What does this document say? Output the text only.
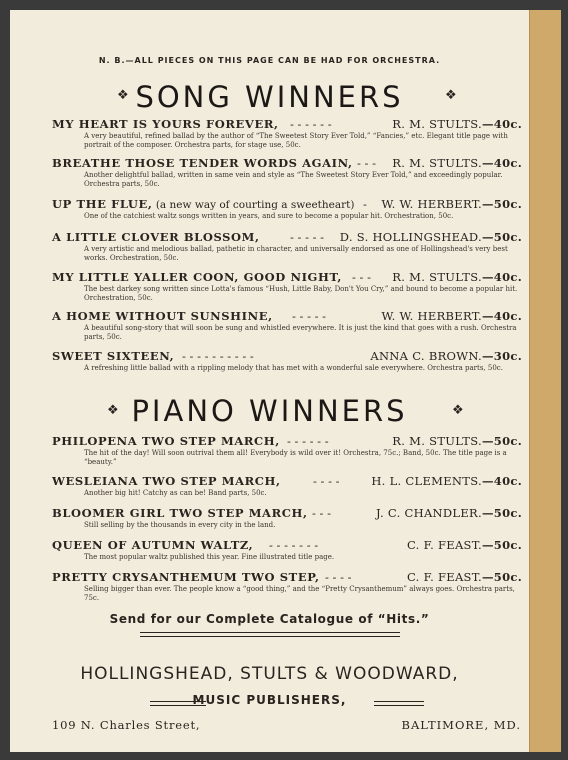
N. B.—ALL PIECES ON THIS PAGE CAN BE HAD FOR ORCHESTRA.
❖ SONG WINNERS	❖
MY HEART IS YOURS FOREVER, - - - - - -	R. M. STULTS.—40c.
A very beautiful, refined ballad by the author of “The Sweetest Story Ever Told,” “Fancies,” etc. Elegant title page with portrait of the composer. Orchestra parts, for stage use, 50c.
BREATHE THOSE TENDER WORDS AGAIN, - - - R. M. STULTS.—40c.
Another delightful ballad, written in same vein and style as “The Sweetest Story Ever Told,” and exceedingly popular. Orchestra parts, 50c.
UP THE FLUE, (a new way of courting a sweetheart) - W. W. HERBERT.—50c.
One of the catchiest waltz songs written in years, and sure to become a popular hit. Orchestration, 50c.
A LITTLE CLOVER BLOSSOM,	- - - - - D. S. HOLLINGSHEAD.—50c.
A very artistic and melodious ballad, pathetic in character, and universally endorsed as one of Hollingshead's very best works. Orchestration, 50c.
MY LITTLE YALLER COON, GOOD NIGHT, - - - R. M. STULTS.—40c.
The best darkey song written since Lotta's famous “Hush, Little Baby, Don't You Cry,” and bound to become a popular hit. Orchestration, 50c.
A HOME WITHOUT SUNSHINE, - - - - -	W. W. HERBERT.—40c.
A beautiful song-story that will soon be sung and whistled everywhere. It is just the kind that goes with a rush. Orchestra parts, 50c.
SWEET SIXTEEN, - - - - - - - - - -	ANNA C. BROWN.—30c.
A refreshing little ballad with a rippling melody that has met with a wonderful sale everywhere. Orchestra parts, 50c.
❖ PIANO WINNERS	❖
PHILOPENA TWO STEP MARCH, - - - - - -	R. M. STULTS.—50c.
The hit of the day! Will soon outrival them all! Everybody is wild over it! Orchestra, 75c.; Band, 50c. The title page is a “beauty.”
WESLEIANA TWO STEP MARCH,	- - - -	H. L. CLEMENTS.—40c.
Another big hit! Catchy as can be! Band parts, 50c.
BLOOMER GIRL TWO STEP MARCH, - - -	J. C. CHANDLER.—50c.
Still selling by the thousands in every city in the land.
QUEEN OF AUTUMN WALTZ, - - - - - - -	C. F. FEAST.—50c.
The most popular waltz published this year. Fine illustrated title page.
PRETTY CRYSANTHEMUM TWO STEP, - - - -	C. F. FEAST.—50c.
Selling bigger than ever. The people know a “good thing,” and the “Pretty Crysanthemum” always goes. Orchestra parts, 75c.
Send for our Complete Catalogue of “Hits.”
HOLLINGSHEAD, STULTS & WOODWARD,
MUSIC PUBLISHERS,
109 N. Charles Street,	BALTIMORE, MD.
